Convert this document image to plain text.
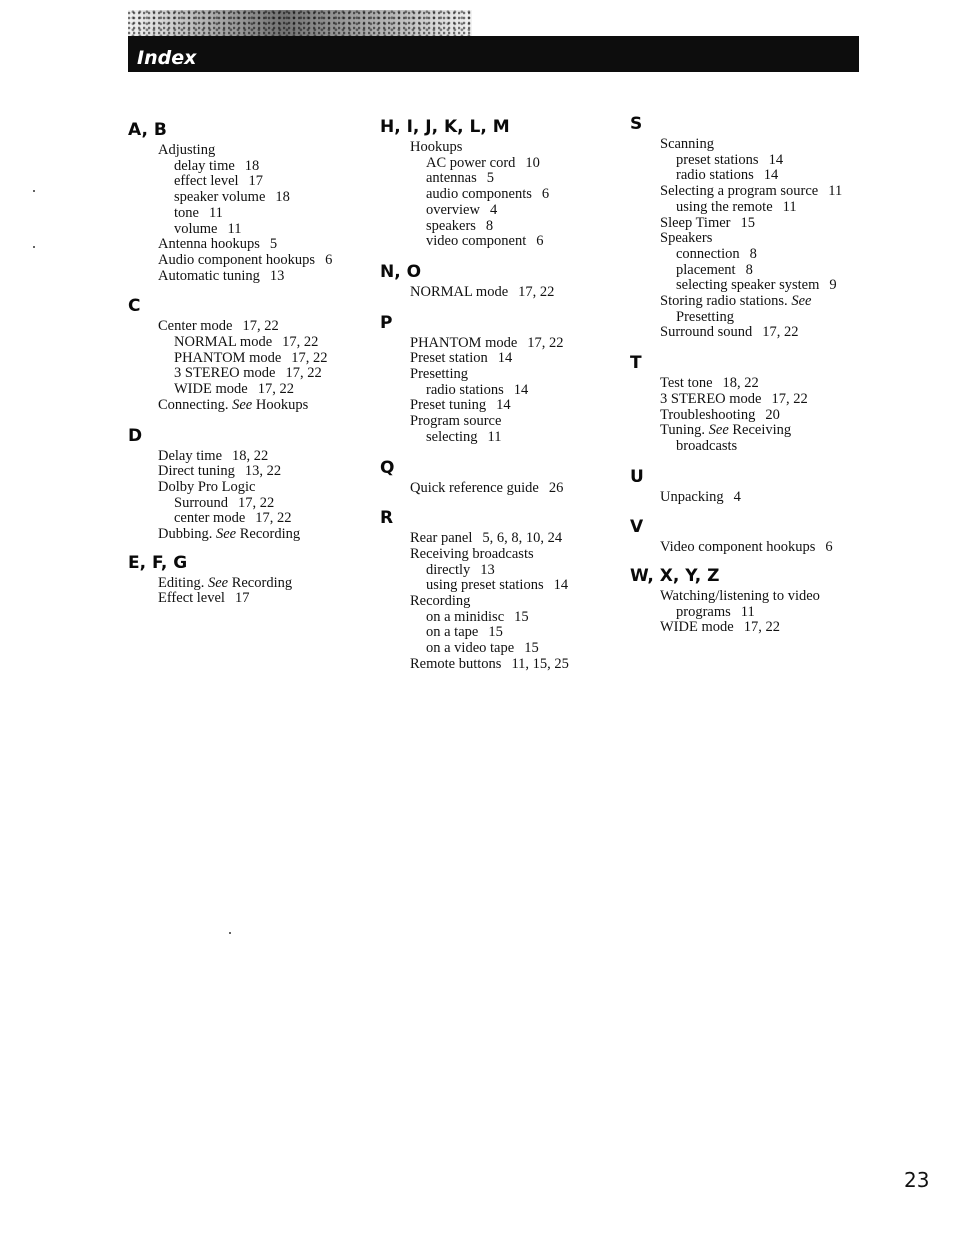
Index
A, B
Adjusting
delay time 18
effect level 17
speaker volume 18
tone 11
volume 11
Antenna hookups 5
Audio component hookups 6
Automatic tuning 13
C
Center mode 17, 22
NORMAL mode 17, 22
PHANTOM mode 17, 22
3 STEREO mode 17, 22
WIDE mode 17, 22
Connecting. See Hookups
D
Delay time 18, 22
Direct tuning 13, 22
Dolby Pro Logic
Surround 17, 22
center mode 17, 22
Dubbing. See Recording
E, F, G
Editing. See Recording
Effect level 17
H, I, J, K, L, M
Hookups
AC power cord 10
antennas 5
audio components 6
overview 4
speakers 8
video component 6
N, O
NORMAL mode 17, 22
P
PHANTOM mode 17, 22
Preset station 14
Presetting
radio stations 14
Preset tuning 14
Program source
selecting 11
Q
Quick reference guide 26
R
Rear panel 5, 6, 8, 10, 24
Receiving broadcasts
directly 13
using preset stations 14
Recording
on a minidisc 15
on a tape 15
on a video tape 15
Remote buttons 11, 15, 25
S
Scanning
preset stations 14
radio stations 14
Selecting a program source 11
using the remote 11
Sleep Timer 15
Speakers
connection 8
placement 8
selecting speaker system 9
Storing radio stations. See
Presetting
Surround sound 17, 22
T
Test tone 18, 22
3 STEREO mode 17, 22
Troubleshooting 20
Tuning. See Receiving
broadcasts
U
Unpacking 4
V
Video component hookups 6
W, X, Y, Z
Watching/listening to video
programs 11
WIDE mode 17, 22
23
